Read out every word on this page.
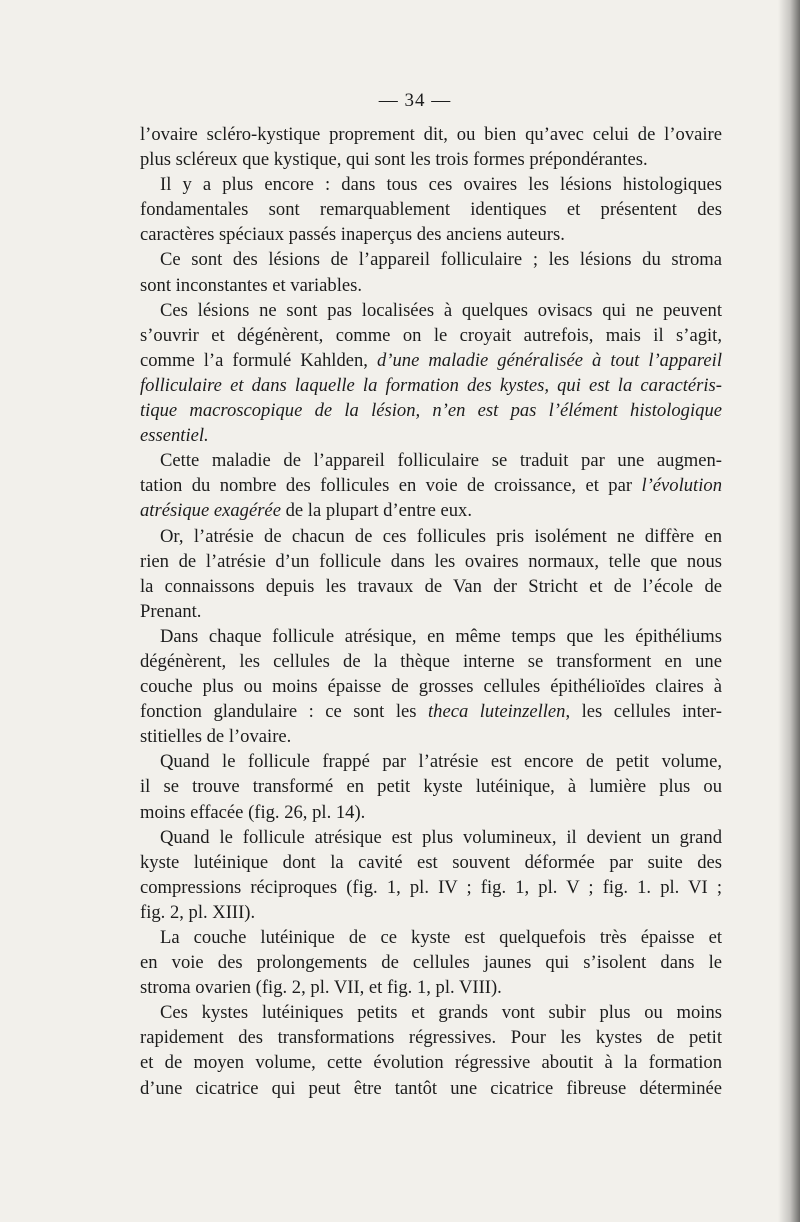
— 34 —

l’ovaire scléro-kystique proprement dit, ou bien qu’avec celui de l’ovaire

plus scléreux que kystique, qui sont les trois formes prépondérantes.

Il y a plus encore : dans tous ces ovaires les lésions histologiques

fondamentales sont remarquablement identiques et présentent des

caractères spéciaux passés inaperçus des anciens auteurs.

Ce sont des lésions de l’appareil folliculaire ; les lésions du stroma

sont inconstantes et variables.

Ces lésions ne sont pas localisées à quelques ovisacs qui ne peuvent

s’ouvrir et dégénèrent, comme on le croyait autrefois, mais il s’agit,

comme l’a formulé Kahlden, d’une maladie généralisée à tout l’appareil

folliculaire et dans laquelle la formation des kystes, qui est la caractéris-

tique macroscopique de la lésion, n’en est pas l’élément histologique

essentiel.

Cette maladie de l’appareil folliculaire se traduit par une augmen-

tation du nombre des follicules en voie de croissance, et par l’évolution

atrésique exagérée de la plupart d’entre eux.

Or, l’atrésie de chacun de ces follicules pris isolément ne diffère en

rien de l’atrésie d’un follicule dans les ovaires normaux, telle que nous

la connaissons depuis les travaux de Van der Stricht et de l’école de

Prenant.

Dans chaque follicule atrésique, en même temps que les épithéliums

dégénèrent, les cellules de la thèque interne se transforment en une

couche plus ou moins épaisse de grosses cellules épithélioïdes claires à

fonction glandulaire : ce sont les theca luteinzellen, les cellules inter-

stitielles de l’ovaire.

Quand le follicule frappé par l’atrésie est encore de petit volume,

il se trouve transformé en petit kyste lutéinique, à lumière plus ou

moins effacée (fig. 26, pl. 14).

Quand le follicule atrésique est plus volumineux, il devient un grand

kyste lutéinique dont la cavité est souvent déformée par suite des

compressions réciproques (fig. 1, pl. IV ; fig. 1, pl. V ; fig. 1. pl. VI ;

fig. 2, pl. XIII).

La couche lutéinique de ce kyste est quelquefois très épaisse et

en voie des prolongements de cellules jaunes qui s’isolent dans le

stroma ovarien (fig. 2, pl. VII, et fig. 1, pl. VIII).

Ces kystes lutéiniques petits et grands vont subir plus ou moins

rapidement des transformations régressives. Pour les kystes de petit

et de moyen volume, cette évolution régressive aboutit à la formation

d’une cicatrice qui peut être tantôt une cicatrice fibreuse déterminée
